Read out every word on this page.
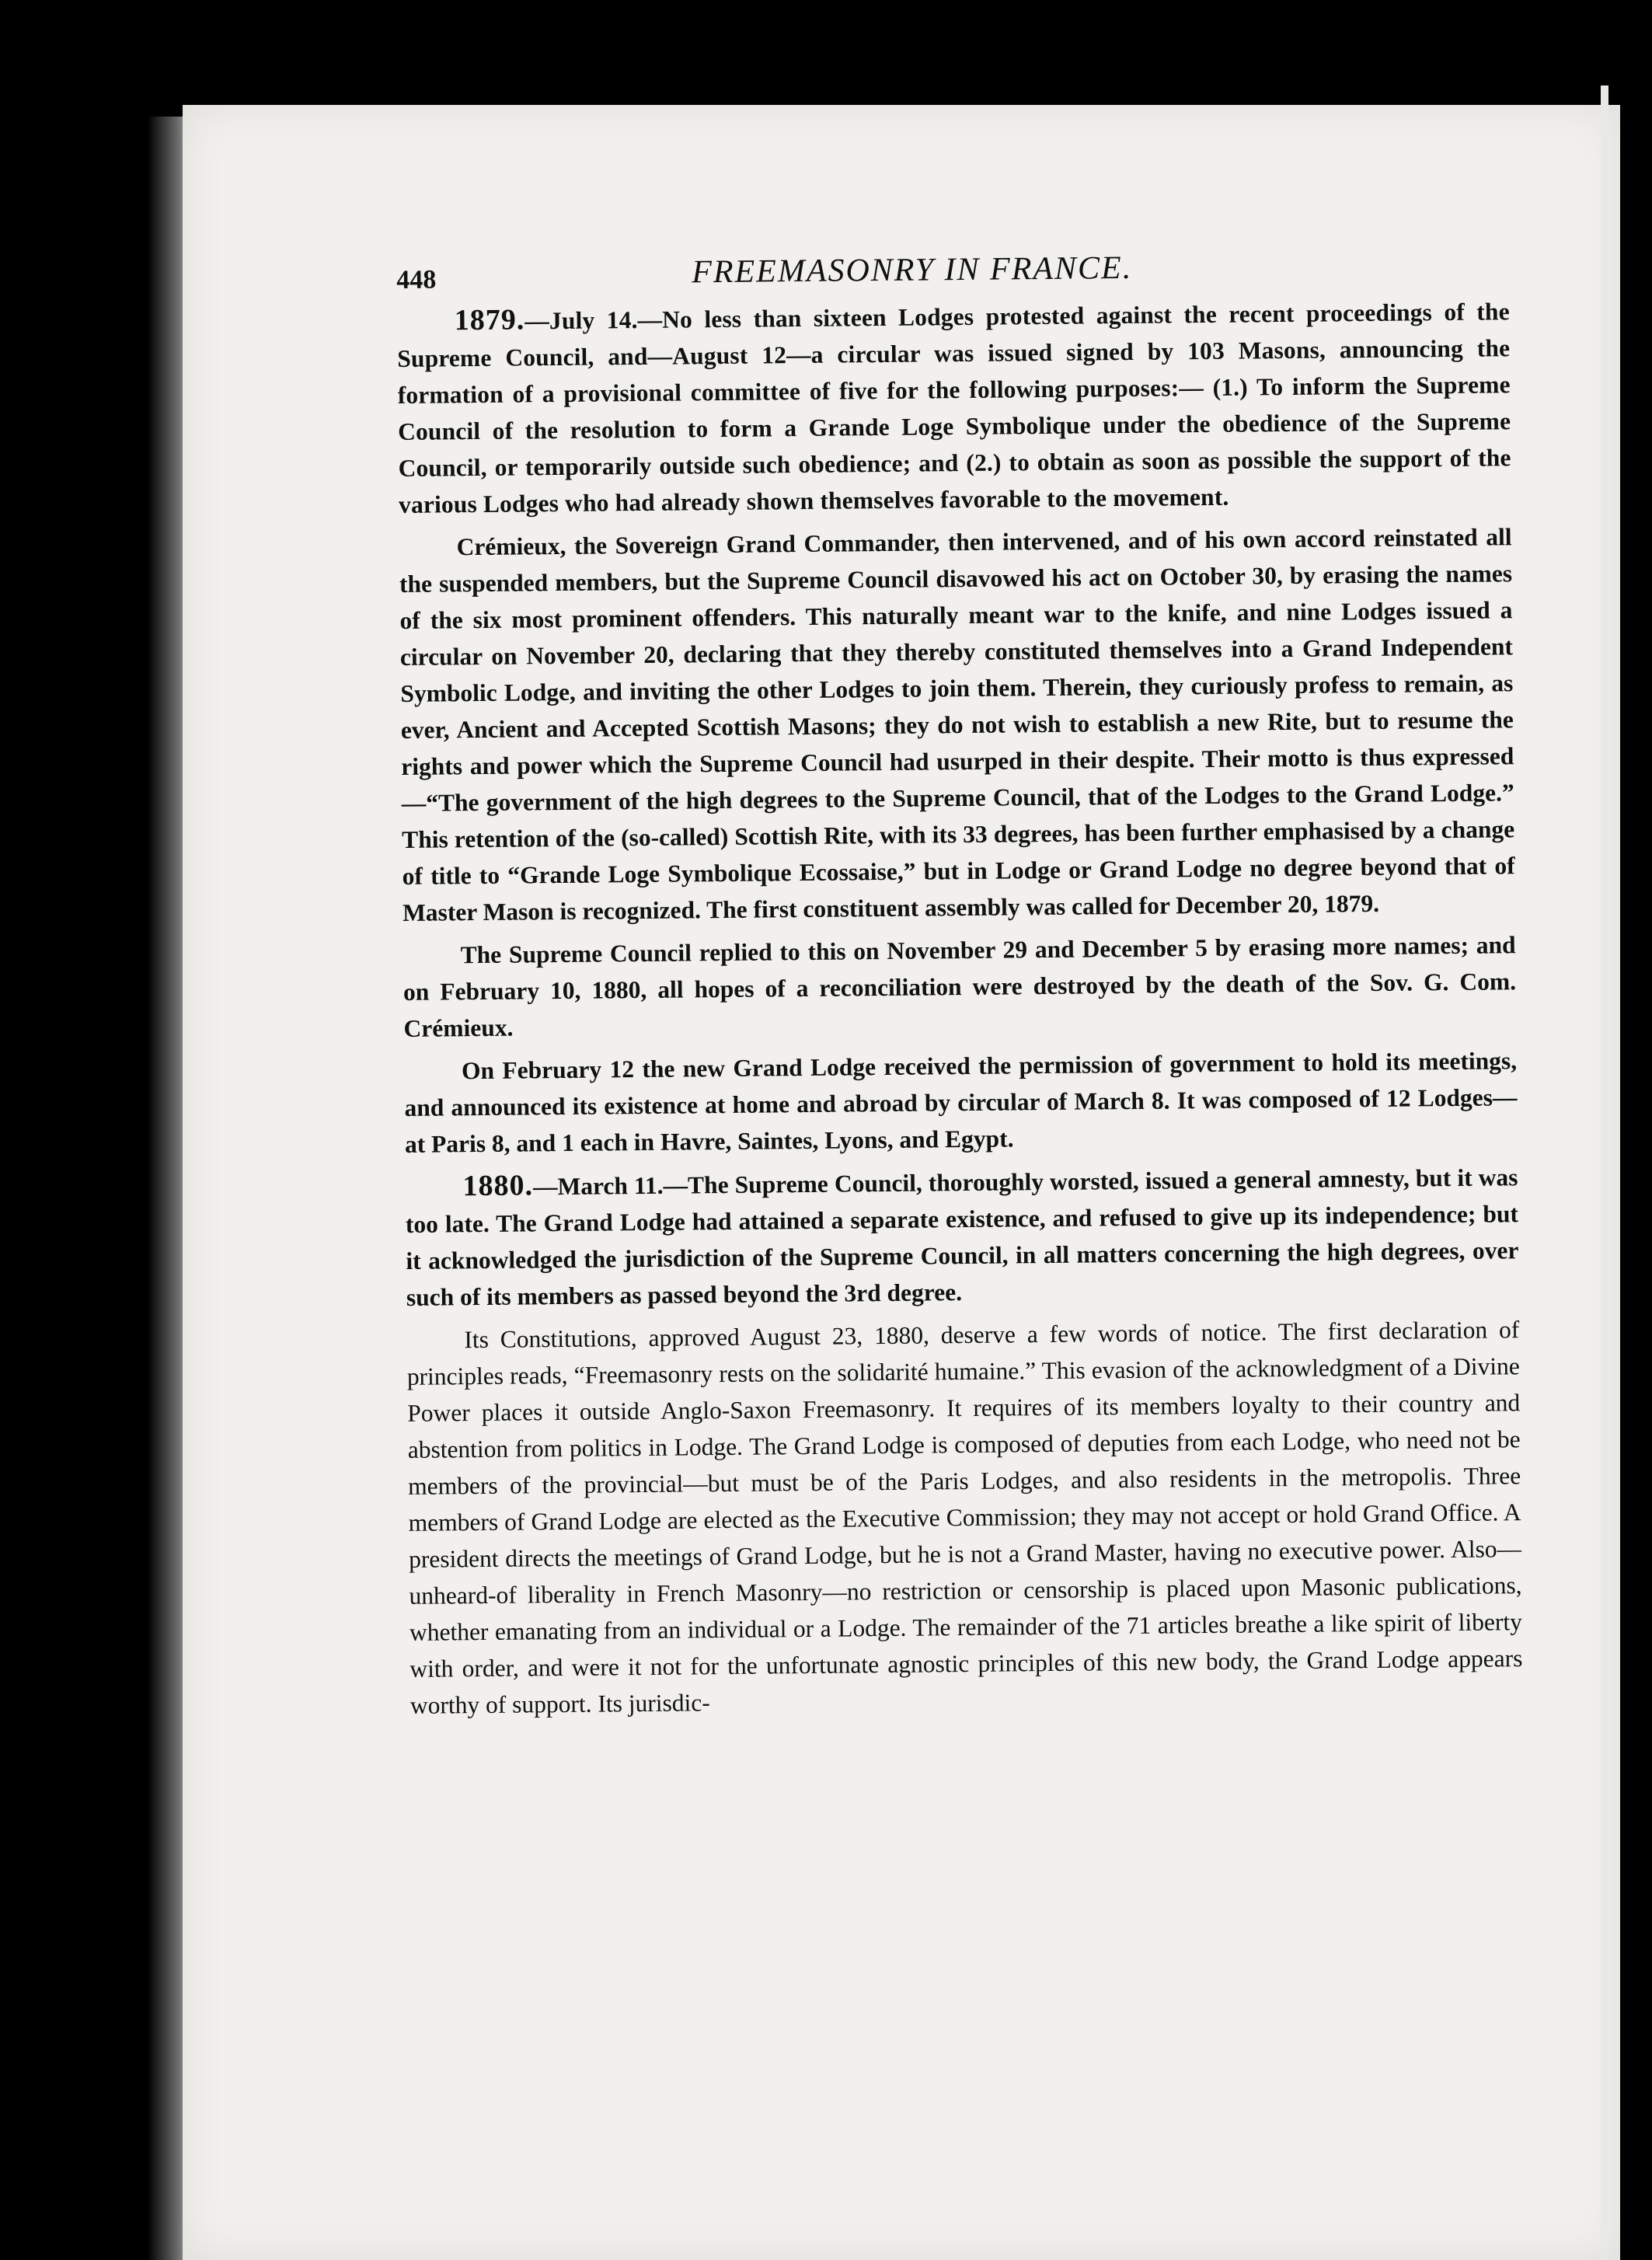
448	FREEMASONRY IN FRANCE.

1879.—July 14.—No less than sixteen Lodges protested against the recent proceedings of the Supreme Council, and—August 12—a circular was issued signed by 103 Masons, announcing the formation of a provisional committee of five for the following purposes:— (1.) To inform the Supreme Council of the resolution to form a Grande Loge Symbolique under the obedience of the Supreme Council, or temporarily outside such obedience; and (2.) to obtain as soon as possible the support of the various Lodges who had already shown themselves favorable to the movement.

Crémieux, the Sovereign Grand Commander, then intervened, and of his own accord reinstated all the suspended members, but the Supreme Council disavowed his act on October 30, by erasing the names of the six most prominent offenders. This naturally meant war to the knife, and nine Lodges issued a circular on November 20, declaring that they thereby constituted themselves into a Grand Independent Symbolic Lodge, and inviting the other Lodges to join them. Therein, they curiously profess to remain, as ever, Ancient and Accepted Scottish Masons; they do not wish to establish a new Rite, but to resume the rights and power which the Supreme Council had usurped in their despite. Their motto is thus expressed—“The government of the high degrees to the Supreme Council, that of the Lodges to the Grand Lodge.” This retention of the (so-called) Scottish Rite, with its 33 degrees, has been further emphasised by a change of title to “Grande Loge Symbolique Ecossaise,” but in Lodge or Grand Lodge no degree beyond that of Master Mason is recognized. The first constituent assembly was called for December 20, 1879.

The Supreme Council replied to this on November 29 and December 5 by erasing more names; and on February 10, 1880, all hopes of a reconciliation were destroyed by the death of the Sov. G. Com. Crémieux.

On February 12 the new Grand Lodge received the permission of government to hold its meetings, and announced its existence at home and abroad by circular of March 8. It was composed of 12 Lodges—at Paris 8, and 1 each in Havre, Saintes, Lyons, and Egypt.

1880.—March 11.—The Supreme Council, thoroughly worsted, issued a general amnesty, but it was too late. The Grand Lodge had attained a separate existence, and refused to give up its independence; but it acknowledged the jurisdiction of the Supreme Council, in all matters concerning the high degrees, over such of its members as passed beyond the 3rd degree.

Its Constitutions, approved August 23, 1880, deserve a few words of notice. The first declaration of principles reads, “Freemasonry rests on the solidarité humaine.” This evasion of the acknowledgment of a Divine Power places it outside Anglo-Saxon Freemasonry. It requires of its members loyalty to their country and abstention from politics in Lodge. The Grand Lodge is composed of deputies from each Lodge, who need not be members of the provincial—but must be of the Paris Lodges, and also residents in the metropolis. Three members of Grand Lodge are elected as the Executive Commission; they may not accept or hold Grand Office. A president directs the meetings of Grand Lodge, but he is not a Grand Master, having no executive power. Also—unheard-of liberality in French Masonry—no restriction or censorship is placed upon Masonic publications, whether emanating from an individual or a Lodge. The remainder of the 71 articles breathe a like spirit of liberty with order, and were it not for the unfortunate agnostic principles of this new body, the Grand Lodge appears worthy of support. Its jurisdic-
